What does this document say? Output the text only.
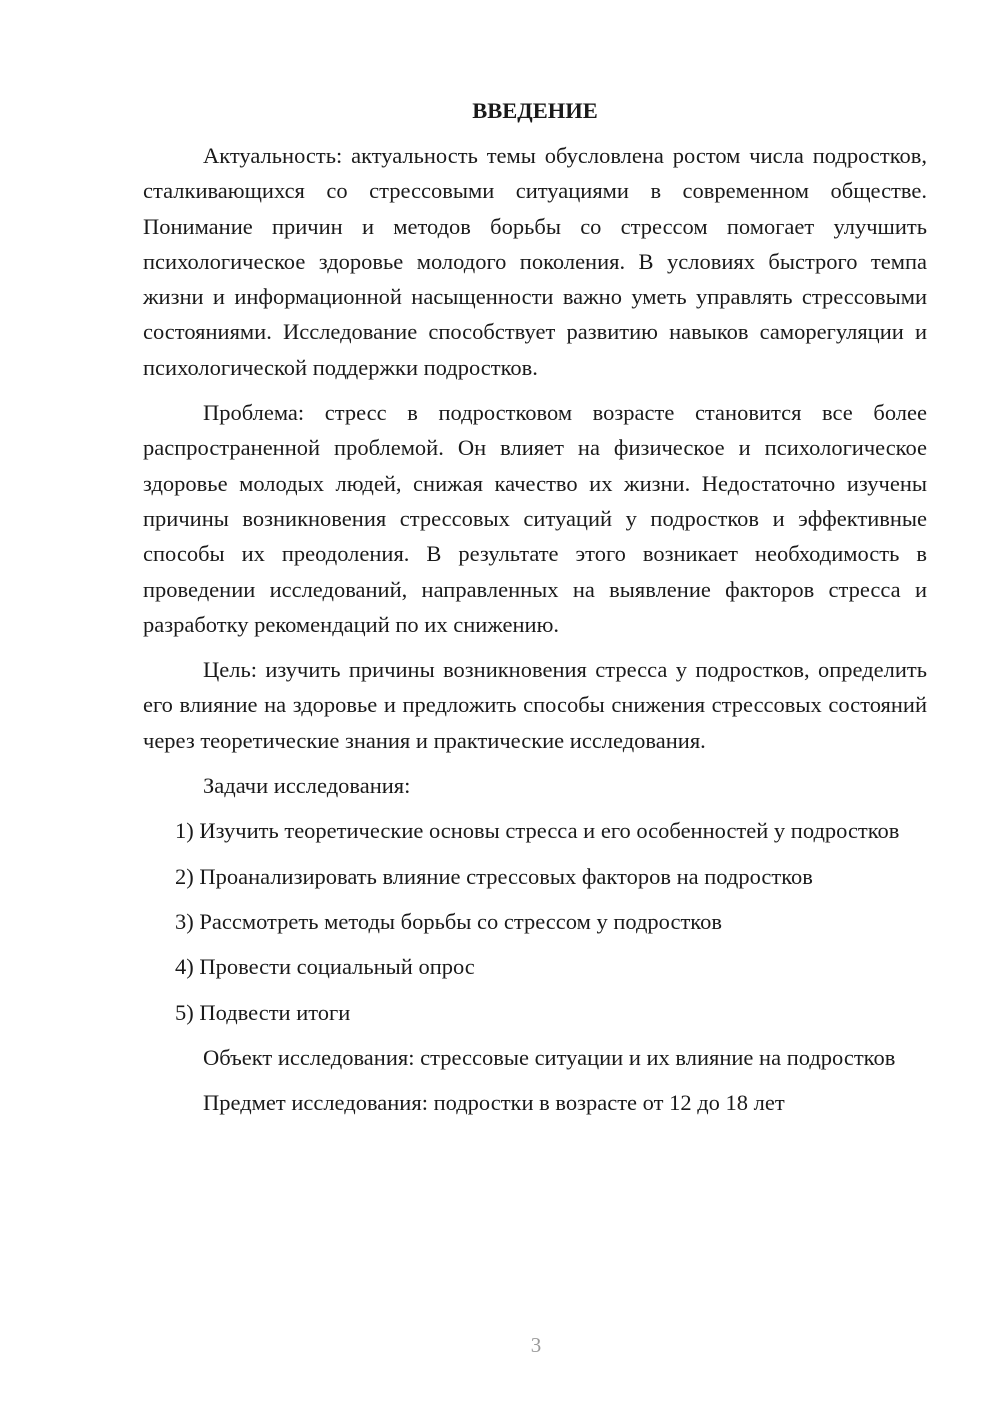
ВВЕДЕНИЕ

Актуальность: актуальность темы обусловлена ростом числа подростков, сталкивающихся со стрессовыми ситуациями в современном обществе. Понимание причин и методов борьбы со стрессом помогает улучшить психологическое здоровье молодого поколения. В условиях быстрого темпа жизни и информационной насыщенности важно уметь управлять стрессовыми состояниями. Исследование способствует развитию навыков саморегуляции и психологической поддержки подростков.

Проблема: стресс в подростковом возрасте становится все более распространенной проблемой. Он влияет на физическое и психологическое здоровье молодых людей, снижая качество их жизни. Недостаточно изучены причины возникновения стрессовых ситуаций у подростков и эффективные способы их преодоления. В результате этого возникает необходимость в проведении исследований, направленных на выявление факторов стресса и разработку рекомендаций по их снижению.

Цель: изучить причины возникновения стресса у подростков, определить его влияние на здоровье и предложить способы снижения стрессовых состояний через теоретические знания и практические исследования.

Задачи исследования:

1) Изучить теоретические основы стресса и его особенностей у подростков

2) Проанализировать влияние стрессовых факторов на подростков

3) Рассмотреть методы борьбы со стрессом у подростков

4) Провести социальный опрос

5) Подвести итоги

Объект исследования: стрессовые ситуации и их влияние на подростков

Предмет исследования: подростки в возрасте от 12 до 18 лет

3
